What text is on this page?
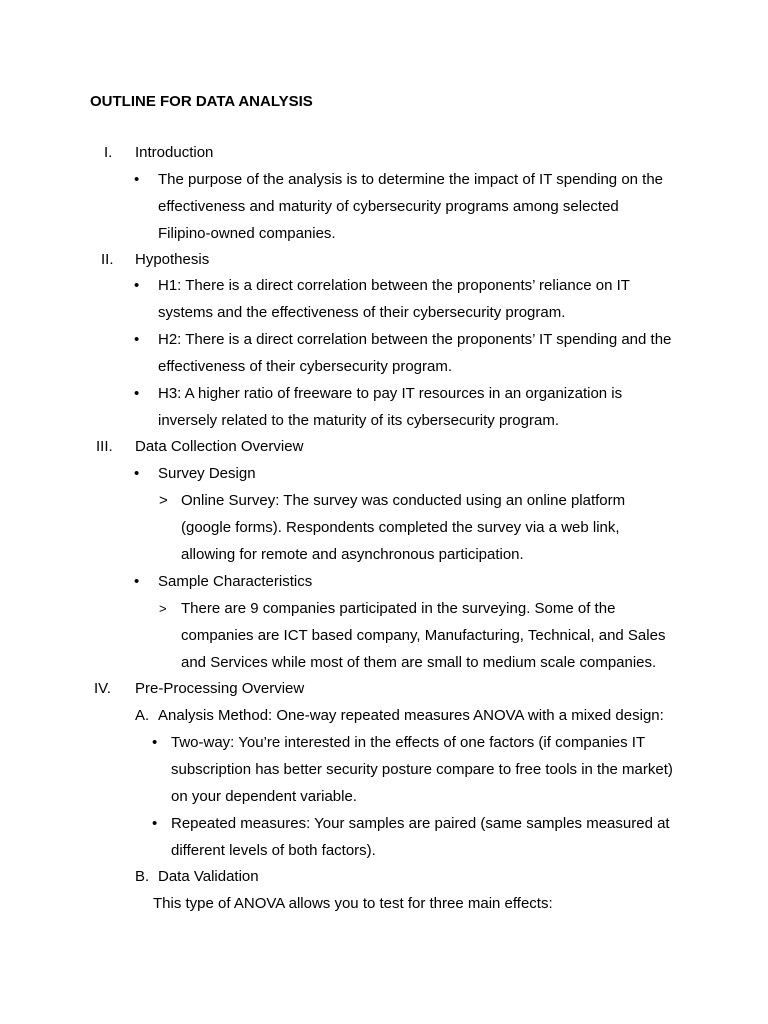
OUTLINE FOR DATA ANALYSIS
I. Introduction
• The purpose of the analysis is to determine the impact of IT spending on the
effectiveness and maturity of cybersecurity programs among selected
Filipino-owned companies.
II. Hypothesis
• H1: There is a direct correlation between the proponents’ reliance on IT
systems and the effectiveness of their cybersecurity program.
• H2: There is a direct correlation between the proponents’ IT spending and the
effectiveness of their cybersecurity program.
• H3: A higher ratio of freeware to pay IT resources in an organization is
inversely related to the maturity of its cybersecurity program.
III. Data Collection Overview
• Survey Design
> Online Survey: The survey was conducted using an online platform
(google forms). Respondents completed the survey via a web link,
allowing for remote and asynchronous participation.
• Sample Characteristics
> There are 9 companies participated in the surveying. Some of the
companies are ICT based company, Manufacturing, Technical, and Sales
and Services while most of them are small to medium scale companies.
IV. Pre-Processing Overview
A. Analysis Method: One-way repeated measures ANOVA with a mixed design:
• Two-way: You’re interested in the effects of one factors (if companies IT
subscription has better security posture compare to free tools in the market)
on your dependent variable.
• Repeated measures: Your samples are paired (same samples measured at
different levels of both factors).
B. Data Validation
This type of ANOVA allows you to test for three main effects:
